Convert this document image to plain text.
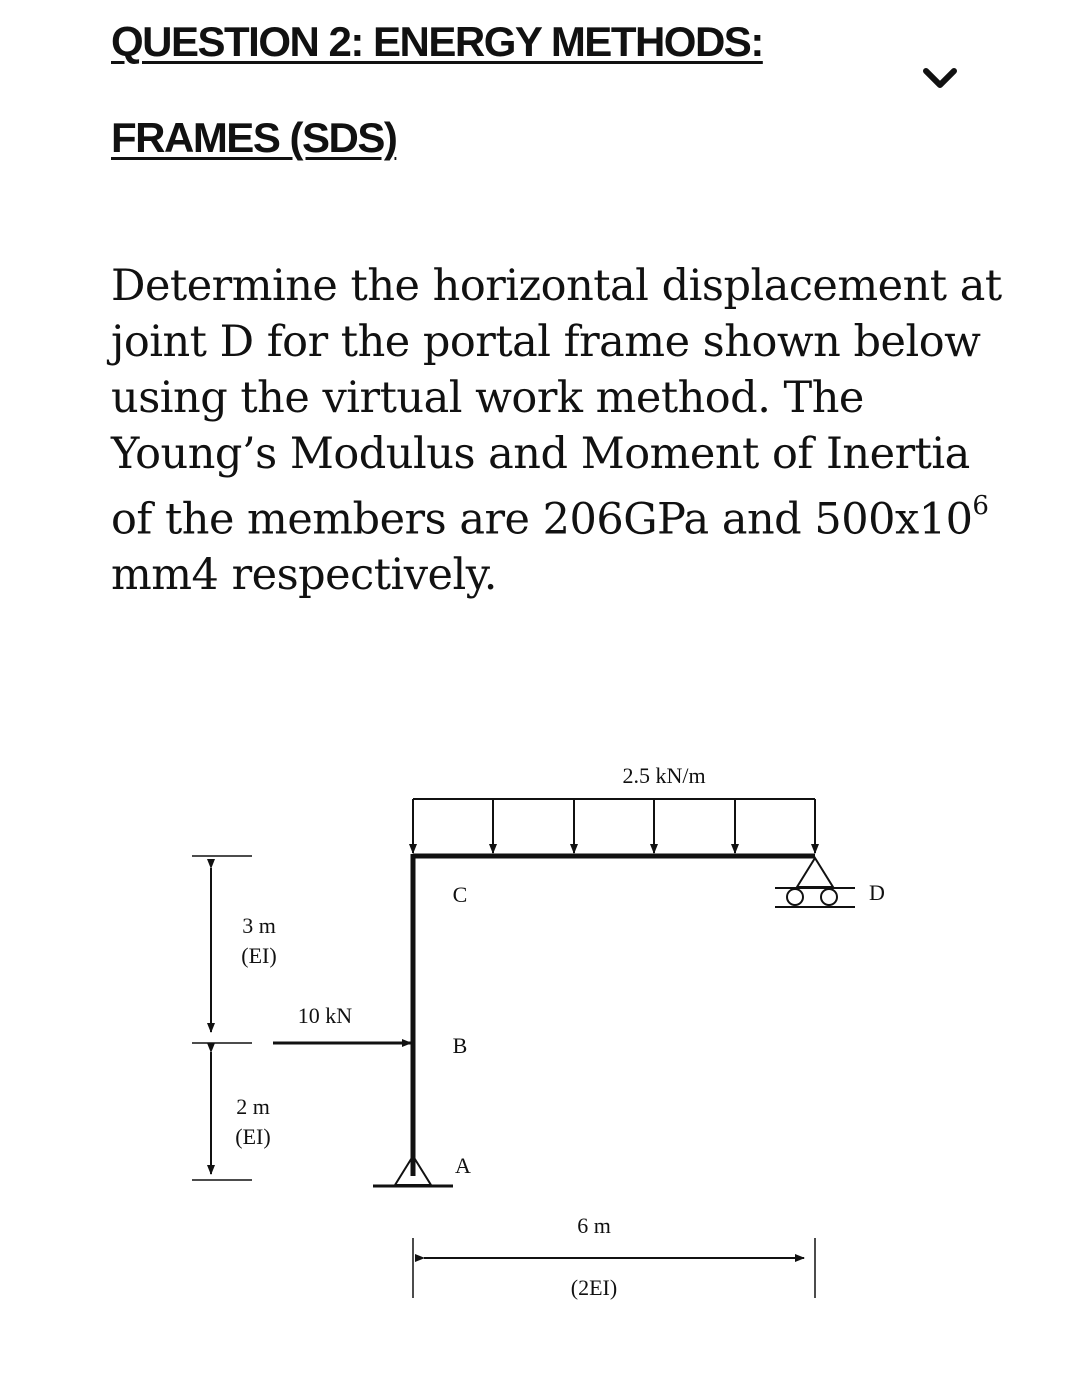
QUESTION 2: ENERGY METHODS:
FRAMES (SDS)

Determine the horizontal displacement at joint D for the portal frame shown below using the virtual work method. The Young’s Modulus and Moment of Inertia of the members are 206GPa and $500x10^6$ mm4 respectively.

2.5 kN/m
C
B
A
D
10 kN
3 m
(EI)
2 m
(EI)
6 m
(2EI)
